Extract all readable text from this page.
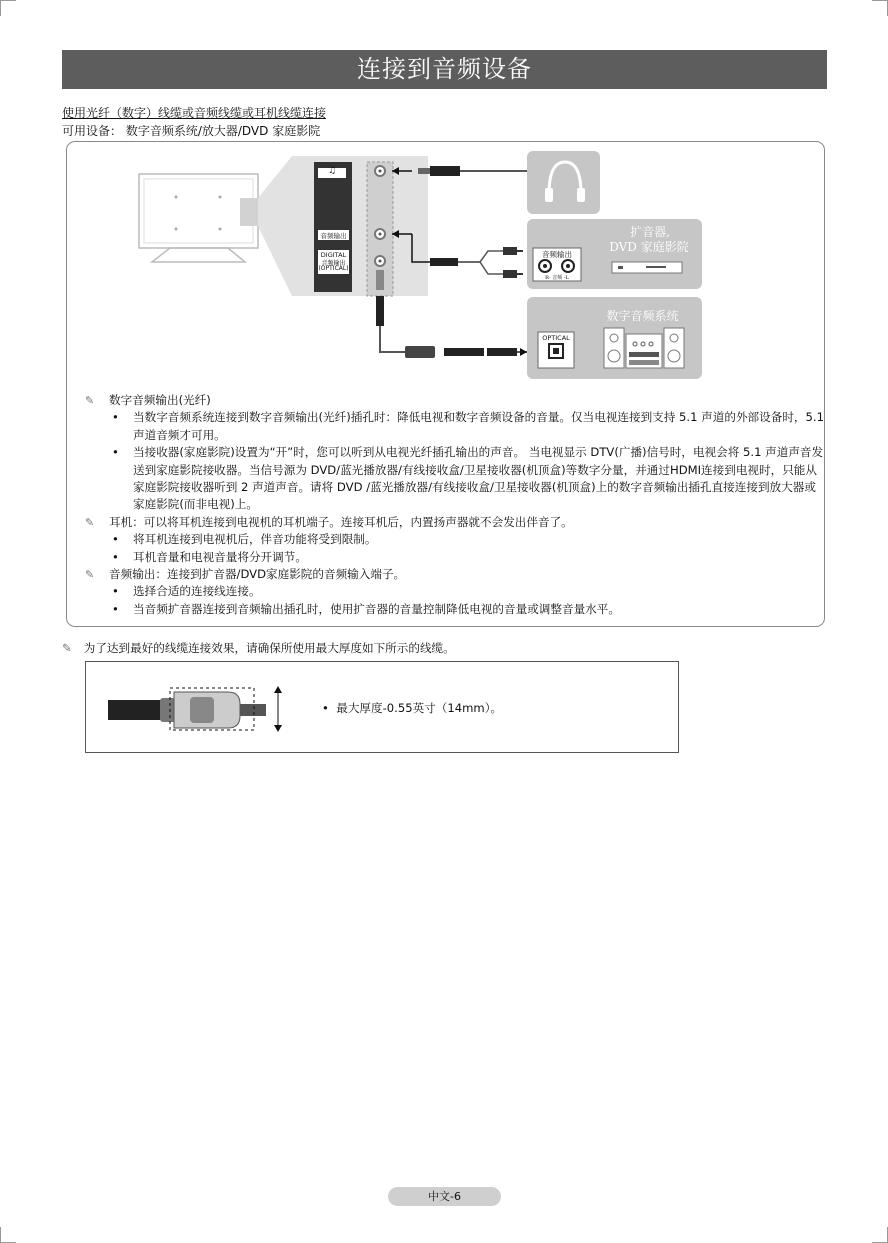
连接到音频设备
使用光纤（数字）线缆或音频线缆或耳机线缆连接
可用设备： 数字音频系统/放大器/DVD 家庭影院
♫
音频输出
DIGITAL
音频输出
(OPTICAL)
扩音器,
DVD 家庭影院
音频输出
R- 音频 -L
数字音频系统
OPTICAL
✎ 数字音频输出(光纤)
• 当数字音频系统连接到数字音频输出(光纤)插孔时：降低电视和数字音频设备的音量。仅当电视连接到支持 5.1 声道的外部设备时，5.1 声道音频才可用。
• 当接收器(家庭影院)设置为“开”时，您可以听到从电视光纤插孔输出的声音。 当电视显示 DTV(广播)信号时，电视会将 5.1 声道声音发送到家庭影院接收器。当信号源为 DVD/蓝光播放器/有线接收盒/卫星接收器(机顶盒)等数字分量，并通过HDMI连接到电视时，只能从家庭影院接收器听到 2 声道声音。请将 DVD /蓝光播放器/有线接收盒/卫星接收器(机顶盒)上的数字音频输出插孔直接连接到放大器或家庭影院(而非电视)上。
✎ 耳机：可以将耳机连接到电视机的耳机端子。连接耳机后，内置扬声器就不会发出伴音了。
• 将耳机连接到电视机后，伴音功能将受到限制。
• 耳机音量和电视音量将分开调节。
✎ 音频输出：连接到扩音器/DVD家庭影院的音频输入端子。
• 选择合适的连接线连接。
• 当音频扩音器连接到音频输出插孔时，使用扩音器的音量控制降低电视的音量或调整音量水平。
✎ 为了达到最好的线缆连接效果，请确保所使用最大厚度如下所示的线缆。
•  最大厚度-0.55英寸（14mm）。
中文-6
